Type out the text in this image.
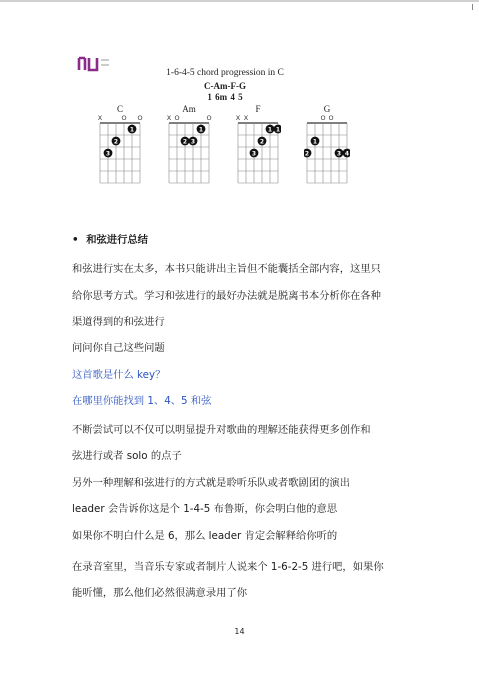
1-6-4-5 chord progression in C
C-Am-F-G
1 6m 4 5
C
X	O O
1
2
3
Am
X O	O
1
2 3
F
X X
1 1
2
3
G
O O
1
2	3 4
• 和弦进行总结
和弦进行实在太多，本书只能讲出主旨但不能囊括全部内容，这里只
给你思考方式。学习和弦进行的最好办法就是脱离书本分析你在各种
渠道得到的和弦进行
问问你自己这些问题
这首歌是什么 key？
在哪里你能找到 1、4、5 和弦
不断尝试可以不仅可以明显提升对歌曲的理解还能获得更多创作和
弦进行或者 solo 的点子
另外一种理解和弦进行的方式就是聆听乐队或者歌剧团的演出
leader 会告诉你这是个 1-4-5 布鲁斯，你会明白他的意思
如果你不明白什么是 6，那么 leader 肯定会解释给你听的
在录音室里，当音乐专家或者制片人说来个 1-6-2-5 进行吧，如果你
能听懂，那么他们必然很满意录用了你
14
